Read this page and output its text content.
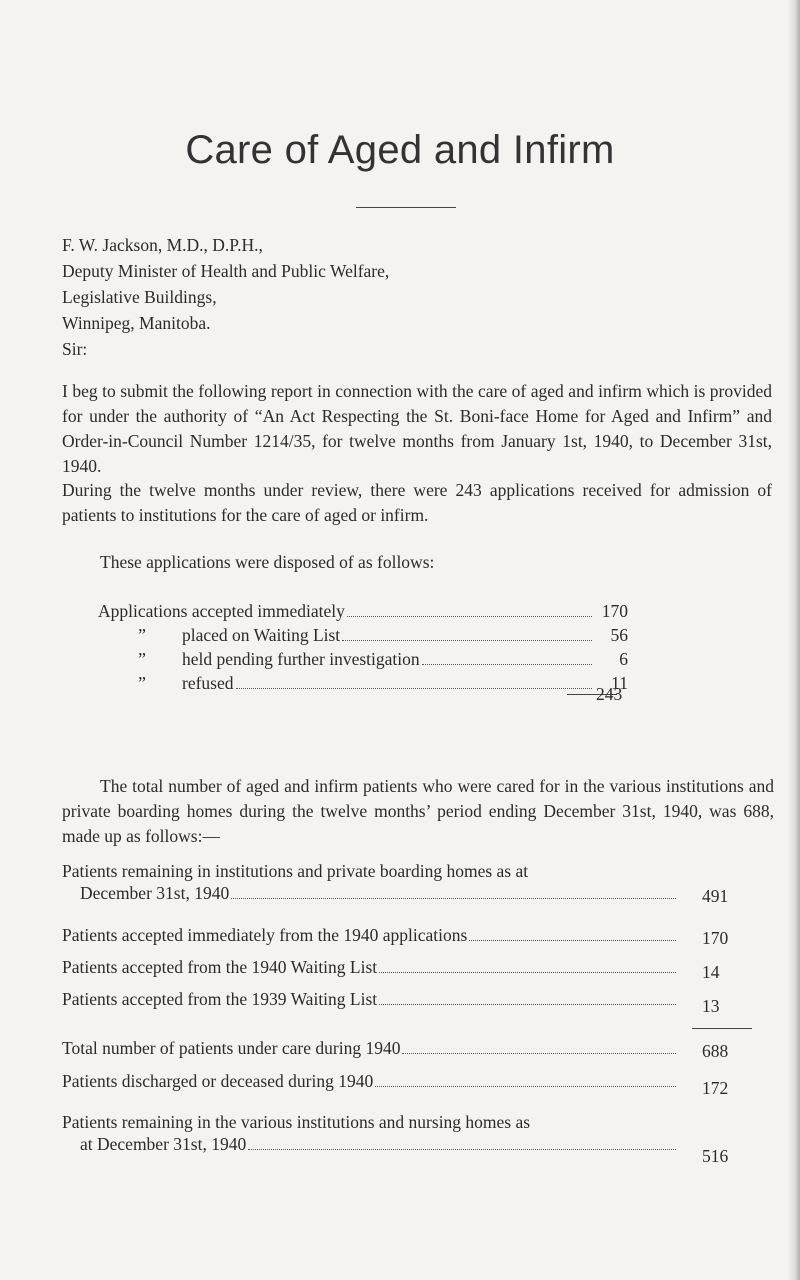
Care of Aged and Infirm
F. W. Jackson, M.D., D.P.H.,
Deputy Minister of Health and Public Welfare,
Legislative Buildings,
Winnipeg, Manitoba.
Sir:
I beg to submit the following report in connection with the care of aged and infirm which is provided for under the authority of “An Act Respecting the St. Boni-face Home for Aged and Infirm” and Order-in-Council Number 1214/35, for twelve months from January 1st, 1940, to December 31st, 1940.
During the twelve months under review, there were 243 applications received for admission of patients to institutions for the care of aged or infirm.
These applications were disposed of as follows:
Applications
accepted immediately	170
”	placed on Waiting List	56
”	held pending further investigation	6
”	refused	11
243
The total number of aged and infirm patients who were cared for in the various institutions and private boarding homes during the twelve months’ period ending December 31st, 1940, was 688, made up as follows:—
Patients remaining in institutions and private boarding homes as at
December 31st, 1940	491
Patients accepted immediately from the 1940 applications	170
Patients accepted from the 1940 Waiting List	14
Patients accepted from the 1939 Waiting List	13
Total number of patients under care during 1940	688
Patients discharged or deceased during 1940	172
Patients remaining in the various institutions and nursing homes as
at December 31st, 1940
516
